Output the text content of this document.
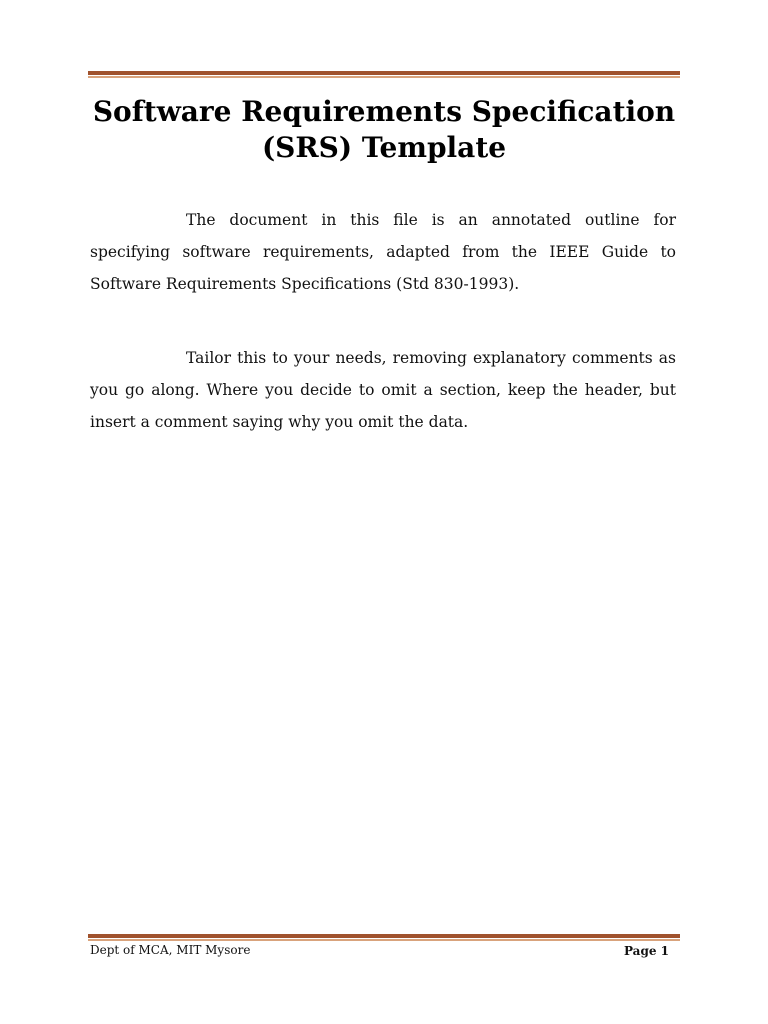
Software Requirements Specification (SRS) Template

The document in this file is an annotated outline for specifying software requirements, adapted from the IEEE Guide to Software Requirements Specifications (Std 830-1993).

Tailor this to your needs, removing explanatory comments as you go along. Where you decide to omit a section, keep the header, but insert a comment saying why you omit the data.

Dept of MCA, MIT Mysore	Page 1
